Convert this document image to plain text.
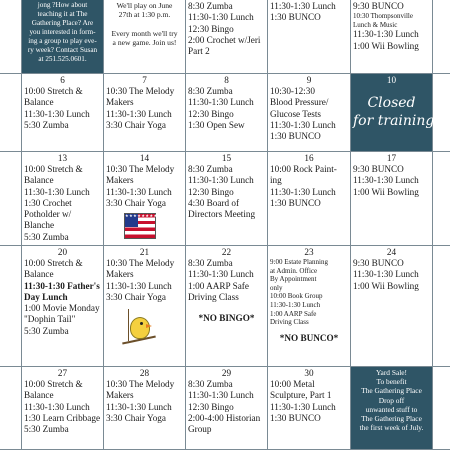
jong ?How about
teaching it at The
Gathering Place? Are
you interested in form-
ing a group to play eve-
ry week? Contact Susan
at 251.525.0601.
We'll play on June
27th at 1:30 p.m.

Every month we'll try
a new game. Join us!
8:30 Zumba
11:30-1:30 Lunch
12:30 Bingo
2:00 Crochet w/Jeri
Part 2
11:30-1:30 Lunch
1:30 BUNCO
9:30 BUNCO
10:30 Thompsonville
Lunch & Music
11:30-1:30 Lunch
1:00 Wii Bowling
6
10:00 Stretch &
Balance
11:30-1:30 Lunch
5:30 Zumba
7
10:30 The Melody
Makers
11:30-1:30 Lunch
3:30 Chair Yoga
8
8:30 Zumba
11:30-1:30 Lunch
12:30 Bingo
1:30 Open Sew
9
10:30-12:30
Blood Pressure/
Glucose Tests
11:30-1:30 Lunch
1:30 BUNCO
10
Closed
for training
13
10:00 Stretch &
Balance
11:30-1:30 Lunch
1:30 Crochet
Potholder w/
Blanche
5:30 Zumba
14
10:30 The Melody
Makers
11:30-1:30 Lunch
3:30 Chair Yoga
★★★★★★★★★
15
8:30 Zumba
11:30-1:30 Lunch
12:30 Bingo
4:30 Board of
Directors Meeting
16
10:00 Rock Paint-
ing
11:30-1:30 Lunch
1:30 BUNCO
17
9:30 BUNCO
11:30-1:30 Lunch
1:00 Wii Bowling
20
10:00 Stretch &
Balance
11:30-1:30 Father's
Day Lunch
1:00 Movie Monday
"Dophin Tail"
5:30 Zumba
21
10:30 The Melody
Makers
11:30-1:30 Lunch
3:30 Chair Yoga
22
8:30 Zumba
11:30-1:30 Lunch
1:00 AARP Safe
Driving Class
*NO BINGO*
23
9:00 Estate Planning
at Admin. Office
By Appointment
only
10:00 Book Group
11:30-1:30 Lunch
1:00 AARP Safe
Driving Class
*NO BUNCO*
24
9:30 BUNCO
11:30-1:30 Lunch
1:00 Wii Bowling
27
10:00 Stretch &
Balance
11:30-1:30 Lunch
1:30 Learn Cribbage
5:30 Zumba
28
10:30 The Melody
Makers
11:30-1:30 Lunch
3:30 Chair Yoga
29
8:30 Zumba
11:30-1:30 Lunch
12:30 Bingo
2:00-4:00 Historian
Group
30
10:00 Metal
Sculpture, Part 1
11:30-1:30 Lunch
1:30 BUNCO
Yard Sale!
To benefit
The Gathering Place
Drop off
unwanted stuff to
The Gathering Place
the first week of July.
